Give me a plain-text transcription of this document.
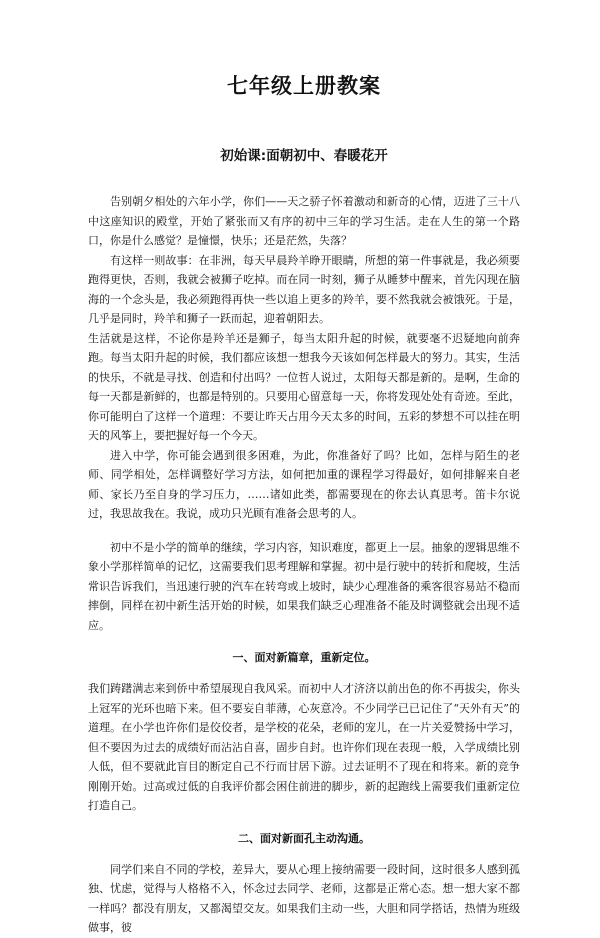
七年级上册教案
初始课:面朝初中、春暖花开

告别朝夕相处的六年小学，你们——天之骄子怀着激动和新奇的心情，迈进了三十八中这座知识的殿堂，开始了紧张而又有序的初中三年的学习生活。走在人生的第一个路口，你是什么感觉？是憧憬，快乐；还是茫然，失落？

有这样一则故事：在非洲，每天早晨羚羊睁开眼睛，所想的第一件事就是，我必须要跑得更快，否则，我就会被狮子吃掉。而在同一时刻，狮子从睡梦中醒来，首先闪现在脑海的一个念头是，我必须跑得再快一些以追上更多的羚羊，要不然我就会被饿死。于是，几乎是同时，羚羊和狮子一跃而起，迎着朝阳去。

生活就是这样，不论你是羚羊还是狮子，每当太阳升起的时候，就要毫不迟疑地向前奔跑。每当太阳升起的时候，我们都应该想一想我今天该如何怎样最大的努力。其实，生活的快乐，不就是寻找、创造和付出吗？一位哲人说过，太阳每天都是新的。是啊，生命的每一天都是新鲜的，也都是特别的。只要用心留意每一天，你将发现处处有奇迹。至此，你可能明白了这样一个道理：不要让昨天占用今天太多的时间，五彩的梦想不可以挂在明天的风筝上，要把握好每一个今天。

进入中学，你可能会遇到很多困难，为此，你准备好了吗？比如，怎样与陌生的老师、同学相处，怎样调整好学习方法，如何把加重的课程学习得最好，如何排解来自老师、家长乃至自身的学习压力，……诸如此类，都需要现在的你去认真思考。笛卡尔说过，我思故我在。我说，成功只光顾有准备会思考的人。

初中不是小学的简单的继续，学习内容，知识难度，都更上一层。抽象的逻辑思维不象小学那样简单的记忆，这需要我们思考理解和掌握。初中是行驶中的转折和爬坡，生活常识告诉我们，当迅速行驶的汽车在转弯或上坡时，缺少心理准备的乘客很容易站不稳而摔倒，同样在初中新生活开始的时候，如果我们缺乏心理准备不能及时调整就会出现不适应。

一、面对新篇章，重新定位。

我们踌躇满志来到侨中希望展现自我风采。而初中人才济济以前出色的你不再拔尖，你头上冠军的光环也暗下来。但不要妄自菲薄，心灰意冷。不少同学已已记住了“天外有天”的道理。在小学也许你们是佼佼者，是学校的花朵，老师的宠儿，在一片关爱赞扬中学习，但不要因为过去的成绩好而沾沾自喜，固步自封。也许你们现在表现一般，入学成绩比别人低，但不要就此盲目的断定自己不行而甘居下游。过去证明不了现在和将来。新的竞争刚刚开始。过高或过低的自我评价都会困住前进的脚步，新的起跑线上需要我们重新定位打造自己。

二、面对新面孔主动沟通。

同学们来自不同的学校，差异大，要从心理上接纳需要一段时间，这时很多人感到孤独、忧虑，觉得与人格格不入，怀念过去同学、老师，这都是正常心态。想一想大家不都一样吗？都没有朋友，又都渴望交友。如果我们主动一些，大胆和同学搭话，热情为班级做事，彼
